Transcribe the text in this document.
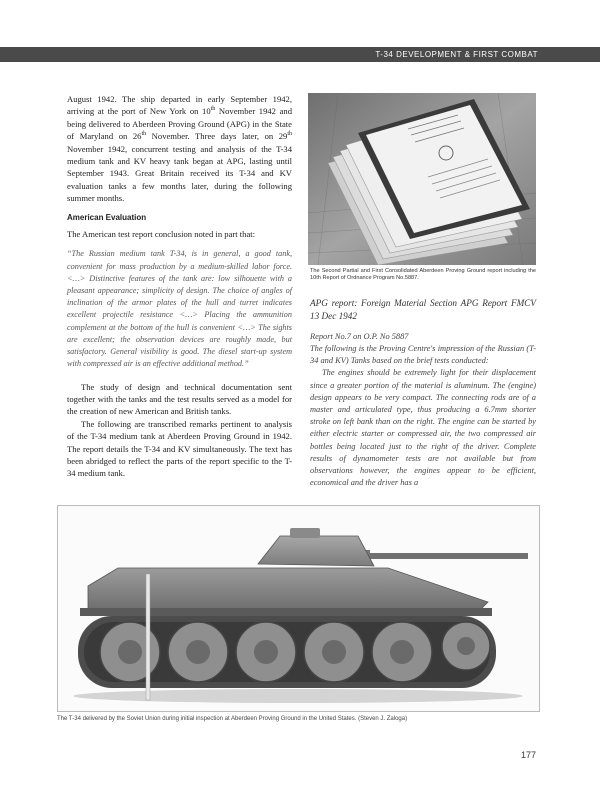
T-34 DEVELOPMENT & FIRST COMBAT

August 1942. The ship departed in early September 1942, arriving at the port of New York on 10th November 1942 and being delivered to Aberdeen Proving Ground (APG) in the State of Maryland on 26th November. Three days later, on 29th November 1942, concurrent testing and analysis of the T-34 medium tank and KV heavy tank began at APG, lasting until September 1943. Great Britain received its T-34 and KV evaluation tanks a few months later, during the following summer months.

American Evaluation

The American test report conclusion noted in part that:

“The Russian medium tank T-34, is in general, a good tank, convenient for mass production by a medium-skilled labor force. <…> Distinctive features of the tank are: low silhouette with a pleasant appearance; simplicity of design. The choice of angles of inclination of the armor plates of the hull and turret indicates excellent projectile resistance <…> Placing the ammunition complement at the bottom of the hull is convenient <…> The sights are excellent; the observation devices are roughly made, but satisfactory. General visibility is good. The diesel start-up system with compressed air is an effective additional method.”

The study of design and technical documentation sent together with the tanks and the test results served as a model for the creation of new American and British tanks.

The following are transcribed remarks pertinent to analysis of the T-34 medium tank at Aberdeen Proving Ground in 1942. The report details the T-34 and KV simultaneously. The text has been abridged to reflect the parts of the report specific to the T-34 medium tank.

The Second Partial and First Consolidated Aberdeen Proving Ground report including the 10th Report of Ordnance Program No.5887.

APG report: Foreign Material Section APG Report FMCV 13 Dec 1942

Report No.7 on O.P. No 5887

The following is the Proving Centre's impression of the Russian (T-34 and KV) Tanks based on the brief tests conducted:

The engines should be extremely light for their displacement since a greater portion of the material is aluminum. The (engine) design appears to be very compact. The connecting rods are of a master and articulated type, thus producing a 6.7mm shorter stroke on left bank than on the right. The engine can be started by either electric starter or compressed air, the two compressed air bottles being located just to the right of the driver. Complete results of dynamometer tests are not available but from observations however, the engines appear to be efficient, economical and the driver has a

The T-34 delivered by the Soviet Union during initial inspection at Aberdeen Proving Ground in the United States. (Steven J. Zaloga)
177
